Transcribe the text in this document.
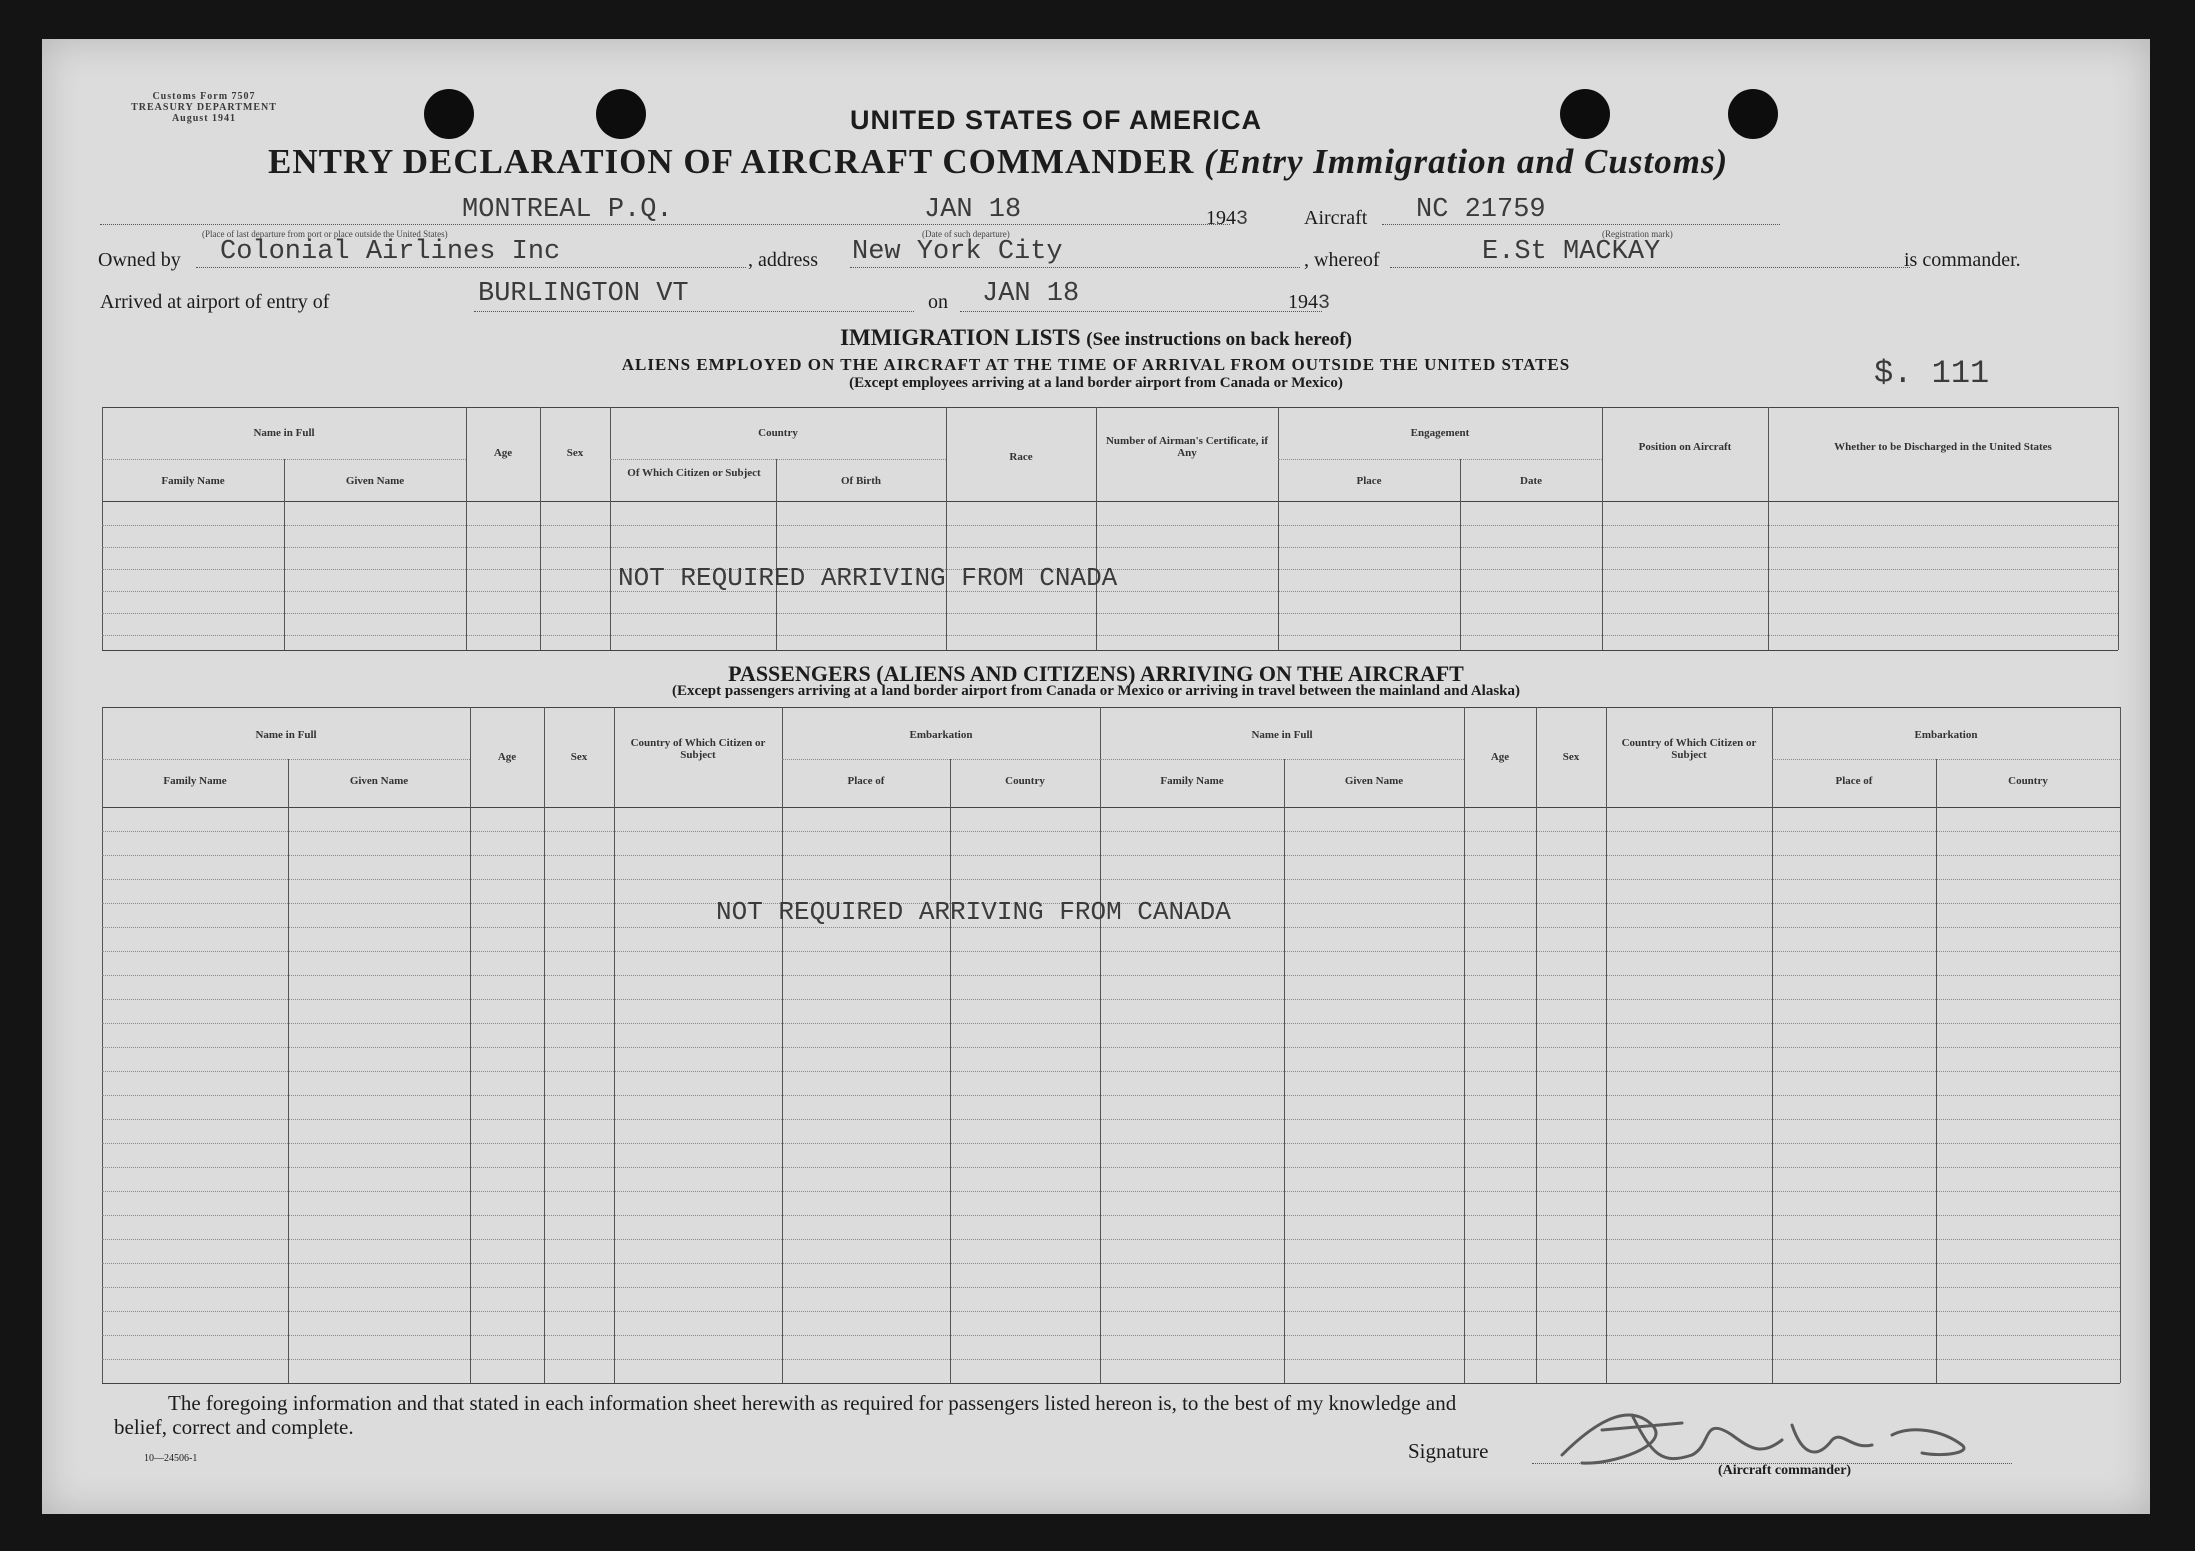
Customs Form 7507
TREASURY DEPARTMENT
August 1941	UNITED STATES OF AMERICA
ENTRY DECLARATION OF AIRCRAFT COMMANDER (Entry Immigration and Customs)
MONTREAL P.Q.
(Place of last departure from port or place outside the United States)
JAN 18
(Date of such departure)
1943	Aircraft NC 21759
(Registration mark)
Owned by Colonial Airlines Inc	, address New York City	, whereof	E.St MACKAY	is commander.
Arrived at airport of entry of	BURLINGTON VT	on JAN 18	1943
$. 111
IMMIGRATION LISTS (See instructions on back hereof)
ALIENS EMPLOYED ON THE AIRCRAFT AT THE TIME OF ARRIVAL FROM OUTSIDE THE UNITED STATES
(Except employees arriving at a land border airport from Canada or Mexico)
Name in Full
Family Name	Given Name
Age	Sex
Country
Of Which Citizen or Subject
Of Birth
Race
Number of Airman's Certificate, if Any
Engagement
Place	Date
Position on Aircraft	Whether to be Discharged in the United States
NOT REQUIRED ARRIVING FROM CNADA
PASSENGERS (ALIENS AND CITIZENS) ARRIVING ON THE AIRCRAFT
(Except passengers arriving at a land border airport from Canada or Mexico or arriving in travel between the mainland and Alaska)
Name in Full
Family Name	Given Name
Age	Sex
Country of Which Citizen or Subject
Embarkation
Place of	Country
Name in Full
Family Name	Given Name
Age	Sex
Country of Which Citizen or Subject
Embarkation
Place of	Country
NOT REQUIRED ARRIVING FROM CANADA
The foregoing information and that stated in each information sheet herewith as required for passengers listed hereon is, to the best of my knowledge and
belief, correct and complete.
10—24506-1	Signature
(Aircraft commander)
